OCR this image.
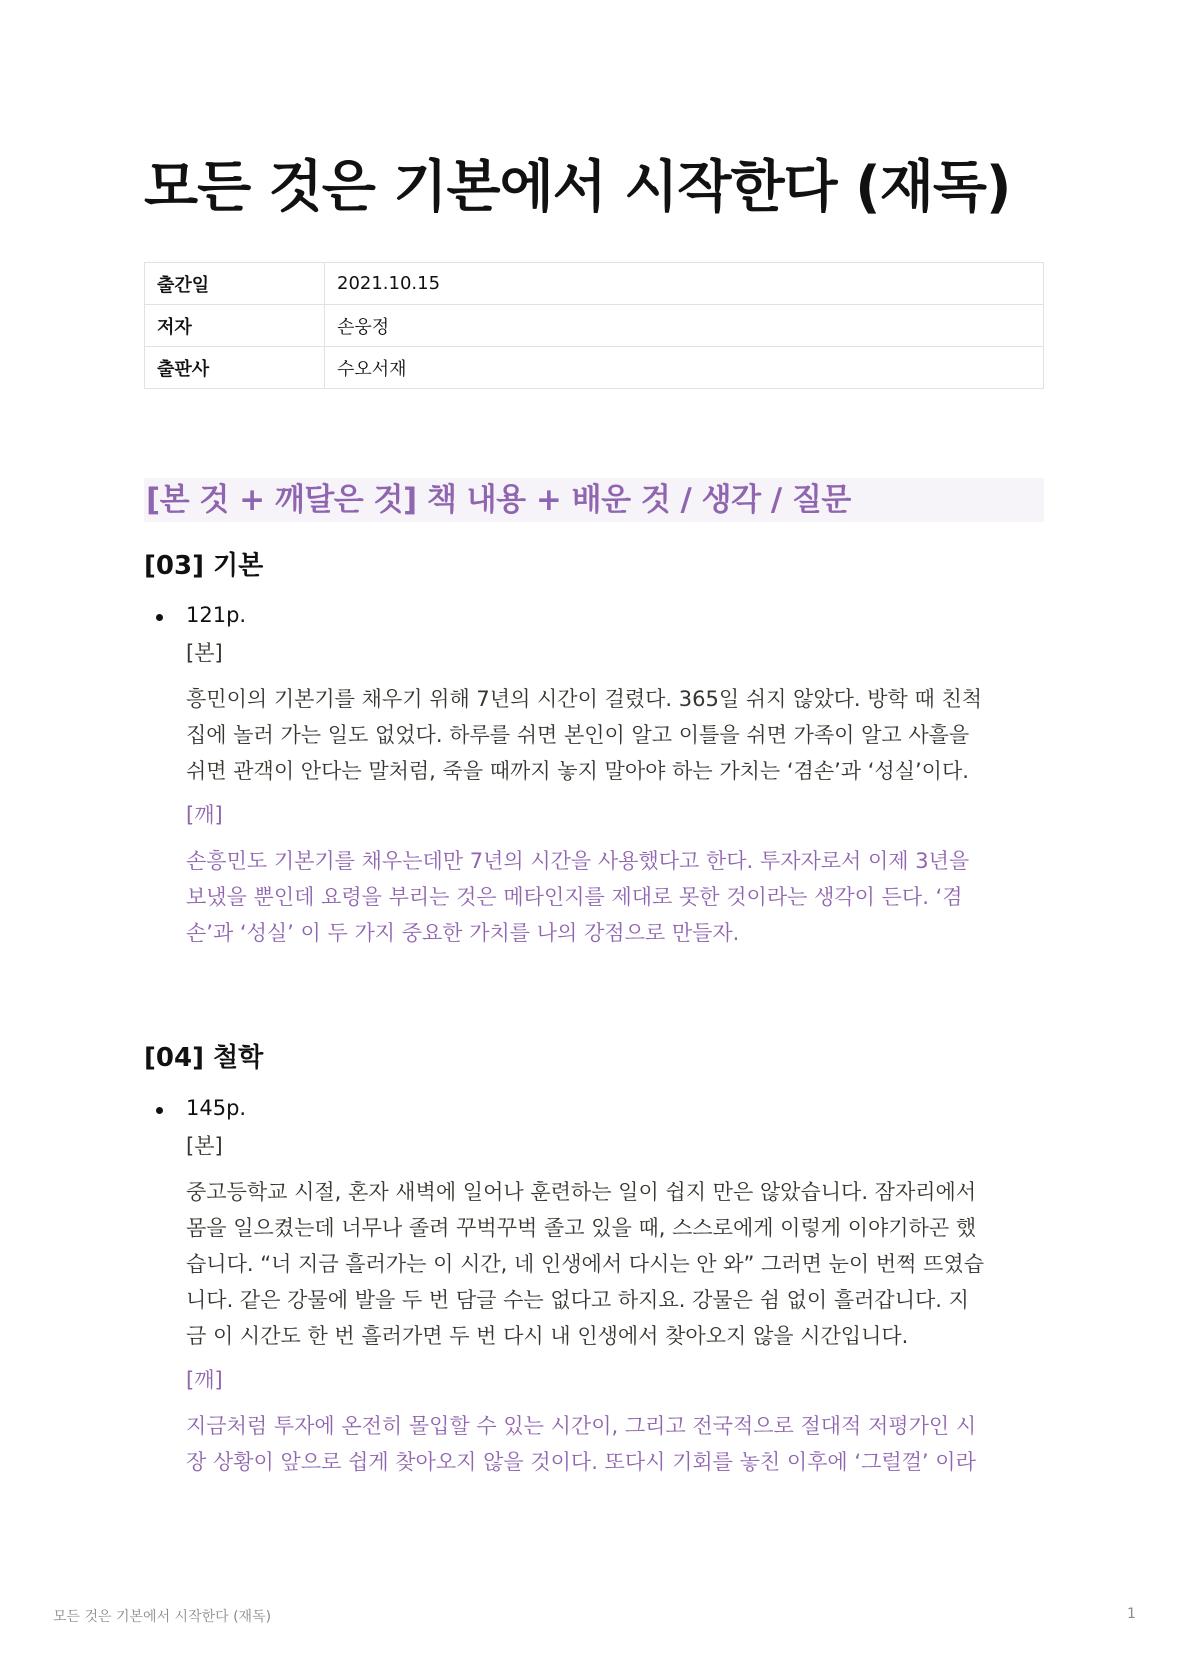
모든 것은 기본에서 시작한다 (재독)
출간일	2021.10.15
저자	손웅정
출판사	수오서재
[본 것 + 깨달은 것] 책 내용 + 배운 것 / 생각 / 질문
[03] 기본
121p.
[본]
흥민이의 기본기를 채우기 위해 7년의 시간이 걸렸다. 365일 쉬지 않았다. 방학 때 친척
집에 놀러 가는 일도 없었다. 하루를 쉬면 본인이 알고 이틀을 쉬면 가족이 알고 사흘을
쉬면 관객이 안다는 말처럼, 죽을 때까지 놓지 말아야 하는 가치는 ‘겸손’과 ‘성실’이다.
[깨]
손흥민도 기본기를 채우는데만 7년의 시간을 사용했다고 한다. 투자자로서 이제 3년을
보냈을 뿐인데 요령을 부리는 것은 메타인지를 제대로 못한 것이라는 생각이 든다. ‘겸
손’과 ‘성실’ 이 두 가지 중요한 가치를 나의 강점으로 만들자.
[04] 철학
145p.
[본]
중고등학교 시절, 혼자 새벽에 일어나 훈련하는 일이 쉽지 만은 않았습니다. 잠자리에서
몸을 일으켰는데 너무나 졸려 꾸벅꾸벅 졸고 있을 때, 스스로에게 이렇게 이야기하곤 했
습니다. “너 지금 흘러가는 이 시간, 네 인생에서 다시는 안 와” 그러면 눈이 번쩍 뜨였습
니다. 같은 강물에 발을 두 번 담글 수는 없다고 하지요. 강물은 쉼 없이 흘러갑니다. 지
금 이 시간도 한 번 흘러가면 두 번 다시 내 인생에서 찾아오지 않을 시간입니다.
[깨]
지금처럼 투자에 온전히 몰입할 수 있는 시간이, 그리고 전국적으로 절대적 저평가인 시
장 상황이 앞으로 쉽게 찾아오지 않을 것이다. 또다시 기회를 놓친 이후에 ‘그럴껄’ 이라
모든 것은 기본에서 시작한다 (재독)	1
